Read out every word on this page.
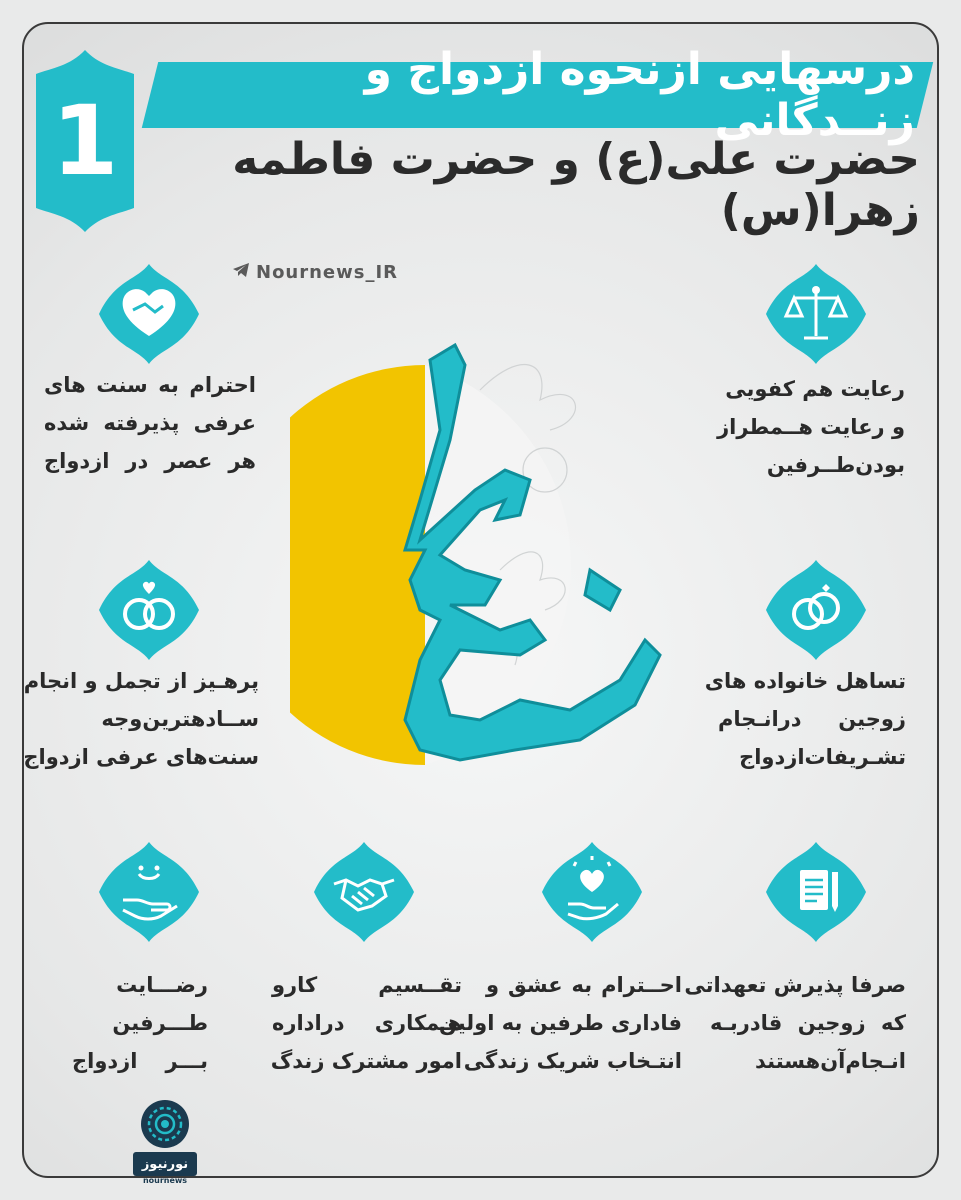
درسهایی ازنحوه ازدواج و زنــدگانی
حضرت علی(ع) و حضرت فاطمه زهرا(س)
1
Nournews_IR
احترام به سنت های
عرفی پذیرفته شده
هر عصر در ازدواج
رعایت هم کفویی
و رعایت هــمطراز
بودن‌طــرفین
پرهـیز از تجمل و انجام
ســادهترین‌وجه
سنت‌های عرفی ازدواج
تساهل خانواده های
زوجین درانـجام
تشـریفات‌ازدواج
رضـــایت
طـــرفین
بـــر ازدواج
تقــسیم کارو
هـمکاری دراداره
امور مشترک زندگ
احــترام به عشق و
فاداری طرفین به اولین
انتـخاب شریک زندگی
صرفا پذیرش تعهداتی
که زوجین قادربـه
انـجام‌آن‌هستند
نورنیوز
nournews
